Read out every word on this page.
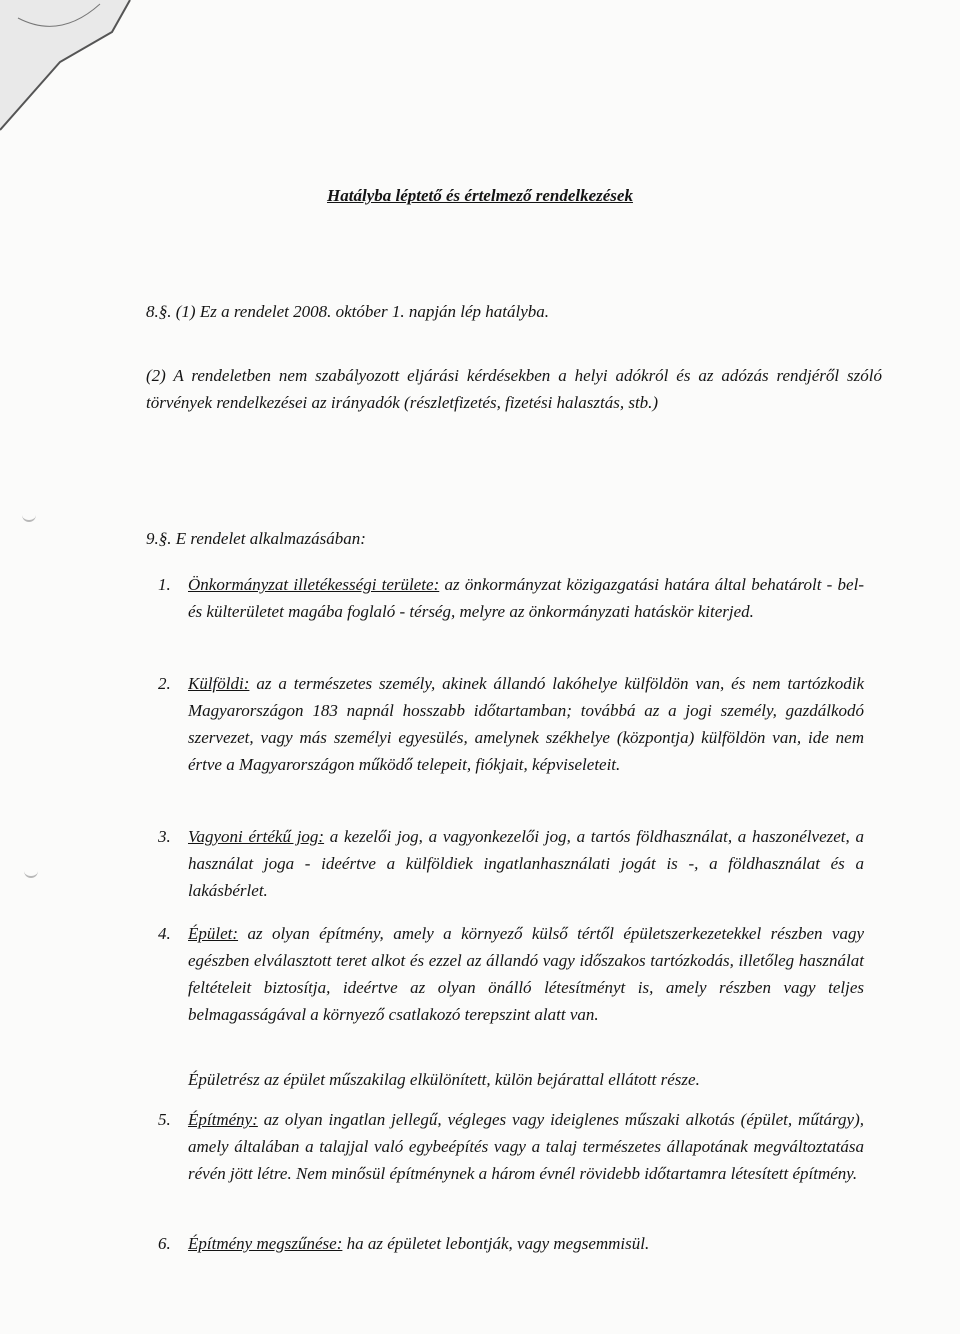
Hatályba léptető és értelmező rendelkezések
8.§. (1) Ez a rendelet 2008. október 1. napján lép hatályba.
(2) A rendeletben nem szabályozott eljárási kérdésekben a helyi adókról és az adózás rendjéről szóló törvények rendelkezései az irányadók (részletfizetés, fizetési halasztás, stb.)
9.§. E rendelet alkalmazásában:
1. Önkormányzat illetékességi területe: az önkormányzat közigazgatási határa által behatárolt - bel- és külterületet magába foglaló - térség, melyre az önkormányzati hatáskör kiterjed.
2. Külföldi: az a természetes személy, akinek állandó lakóhelye külföldön van, és nem tartózkodik Magyarországon 183 napnál hosszabb időtartamban; továbbá az a jogi személy, gazdálkodó szervezet, vagy más személyi egyesülés, amelynek székhelye (központja) külföldön van, ide nem értve a Magyarországon működő telepeit, fiókjait, képviseleteit.
3. Vagyoni értékű jog: a kezelői jog, a vagyonkezelői jog, a tartós földhasználat, a haszonélvezet, a használat joga - ideértve a külföldiek ingatlanhasználati jogát is -, a földhasználat és a lakásbérlet.
4. Épület: az olyan építmény, amely a környező külső tértől épületszerkezetekkel részben vagy egészben elválasztott teret alkot és ezzel az állandó vagy időszakos tartózkodás, illetőleg használat feltételeit biztosítja, ideértve az olyan önálló létesítményt is, amely részben vagy teljes belmagasságával a környező csatlakozó terepszint alatt van.
Épületrész az épület műszakilag elkülönített, külön bejárattal ellátott része.
5. Építmény: az olyan ingatlan jellegű, végleges vagy ideiglenes műszaki alkotás (épület, műtárgy), amely általában a talajjal való egybeépítés vagy a talaj természetes állapotának megváltoztatása révén jött létre. Nem minősül építménynek a három évnél rövidebb időtartamra létesített építmény.
6. Építmény megszűnése: ha az épületet lebontják, vagy megsemmisül.
